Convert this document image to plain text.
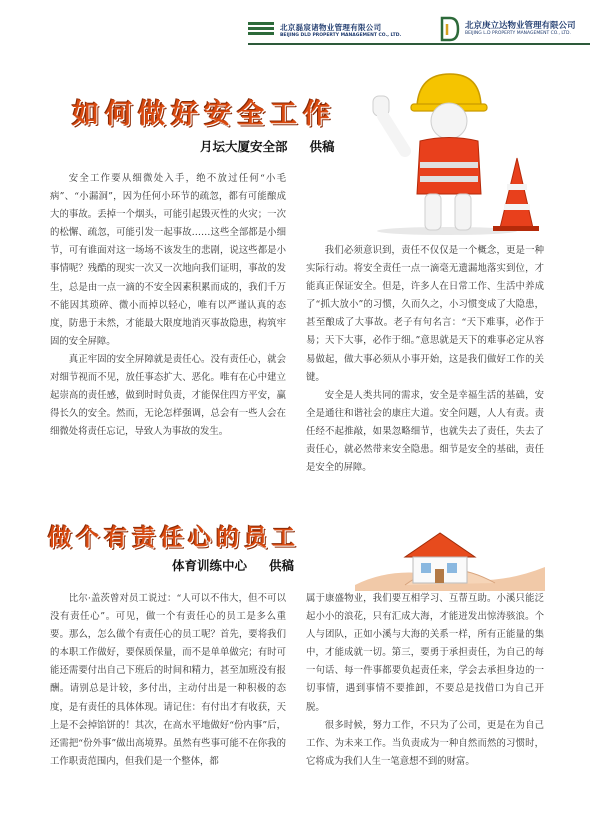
北京磊宸诸物业管理有限公司
BEIJING DLD PROPERTY MANAGEMENT CO., LTD.
北京庚立达物业管理有限公司
BEIJING L.D PROPERTY MANAGEMENT CO., LTD.
如何做好安全工作
月坛大厦安全部 供稿

安全工作要从细微处入手，绝不放过任何“小毛病”、“小漏洞”，因为任何小环节的疏忽，都有可能酿成大的事故。丢掉一个烟头，可能引起毁灭性的火灾；一次的松懈、疏忽，可能引发一起事故……这些全部都是小细节，可有谁面对这一场场不该发生的悲剧，说这些都是小事情呢？残酷的现实一次又一次地向我们证明，事故的发生，总是由一点一滴的不安全因素积累而成的，我们千万不能因其琐碎、微小而掉以轻心，唯有以严谨认真的态度，防患于未然，才能最大限度地消灭事故隐患，构筑牢固的安全屏障。

真正牢固的安全屏障就是责任心。没有责任心，就会对细节视而不见，放任事态扩大、恶化。唯有在心中建立起崇高的责任感，做到时时负责，才能保住四方平安，赢得长久的安全。然而，无论怎样强调，总会有一些人会在细微处将责任忘记，导致人为事故的发生。

我们必须意识到，责任不仅仅是一个概念，更是一种实际行动。将安全责任一点一滴毫无遗漏地落实到位，才能真正保证安全。但是，许多人在日常工作、生活中养成了“抓大放小”的习惯，久而久之，小习惯变成了大隐患，甚至酿成了大事故。老子有句名言：“天下难事，必作于易；天下大事，必作于细。”意思就是天下的难事必定从容易做起，做大事必须从小事开始，这是我们做好工作的关键。

安全是人类共同的需求，安全是幸福生活的基础，安全是通往和谐社会的康庄大道。安全问题，人人有责。责任经不起推敲，如果忽略细节，也就失去了责任，失去了责任心，就必然带来安全隐患。细节是安全的基础，责任是安全的屏障。

做个有责任心的员工
体育训练中心 供稿

比尔·盖茨曾对员工说过：“人可以不伟大，但不可以没有责任心”。可见，做一个有责任心的员工是多么重要。那么，怎么做个有责任心的员工呢？首先，要将我们的本职工作做好，要保质保量，而不是单单做完；有时可能还需要付出自己下班后的时间和精力，甚至加班没有报酬。请别总是计较，多付出，主动付出是一种积极的态度，是有责任的具体体现。请记住：有付出才有收获，天上是不会掉馅饼的！其次，在高水平地做好“份内事”后，还需把“份外事”做出高境界。虽然有些事可能不在你我的工作职责范围内，但我们是一个整体，都

属于康盛物业，我们要互相学习、互帮互助。小溪只能泛起小小的浪花，只有汇成大海，才能迸发出惊涛骇浪。个人与团队，正如小溪与大海的关系一样，所有正能量的集中，才能成就一切。第三，要勇于承担责任，为自己的每一句话、每一件事都要负起责任来，学会去承担身边的一切事情，遇到事情不要推卸，不要总是找借口为自己开脱。

很多时候，努力工作，不只为了公司，更是在为自己工作、为未来工作。当负责成为一种自然而然的习惯时，它将成为我们人生一笔意想不到的财富。
